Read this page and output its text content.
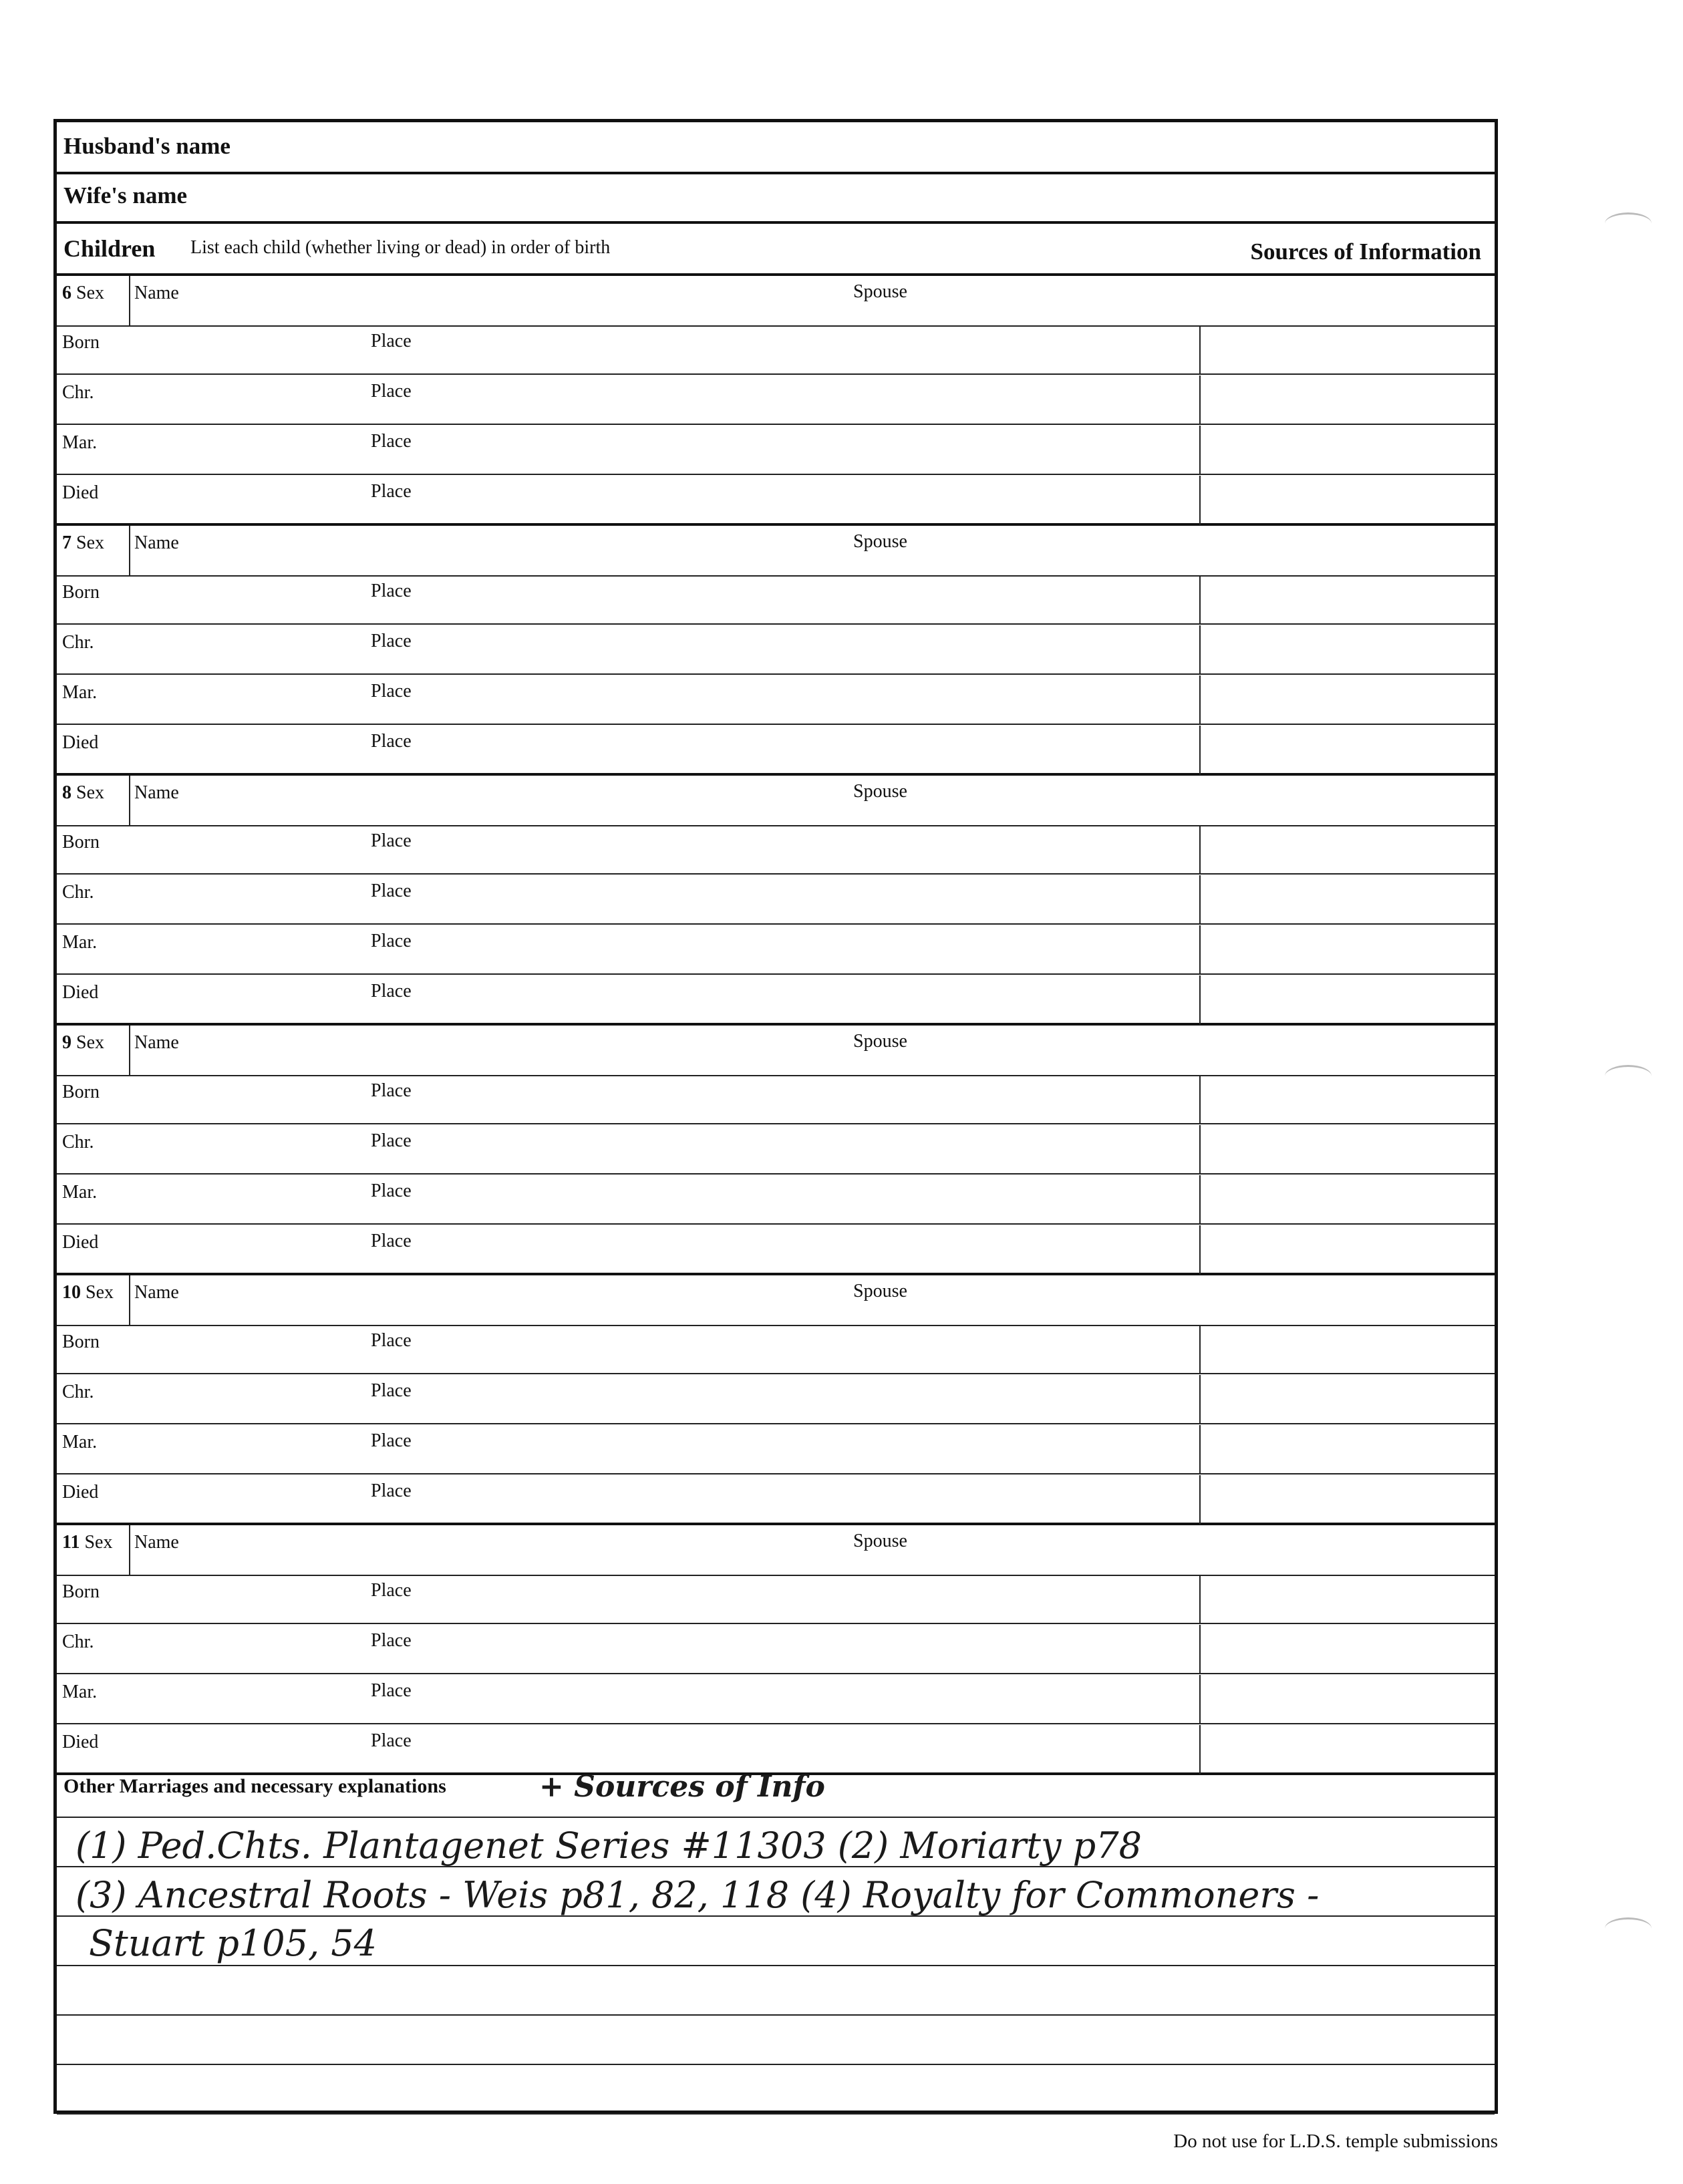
Husband's name
Wife's name
Children List each child (whether living or dead) in order of birth	Sources of Information
6 Sex Name	Spouse
Born	Place
Chr.	Place
Mar.	Place
Died	Place
7 Sex Name	Spouse
Born	Place
Chr.	Place
Mar.	Place
Died	Place
8 Sex Name	Spouse
Born	Place
Chr.	Place
Mar.	Place
Died	Place
9 Sex Name	Spouse
Born	Place
Chr.	Place
Mar.	Place
Died	Place
10 Sex Name	Spouse
Born	Place
Chr.	Place
Mar.	Place
Died	Place
11 Sex Name	Spouse
Born	Place
Chr.	Place
Mar.	Place
Died	Place
Other Marriages and necessary explanations	+ Sources of Info
(1) Ped.Chts. Plantagenet Series #11303 (2) Moriarty p78
(3) Ancestral Roots - Weis p81, 82, 118 (4) Royalty for Commoners -
Stuart p105, 54
Do not use for L.D.S. temple submissions
